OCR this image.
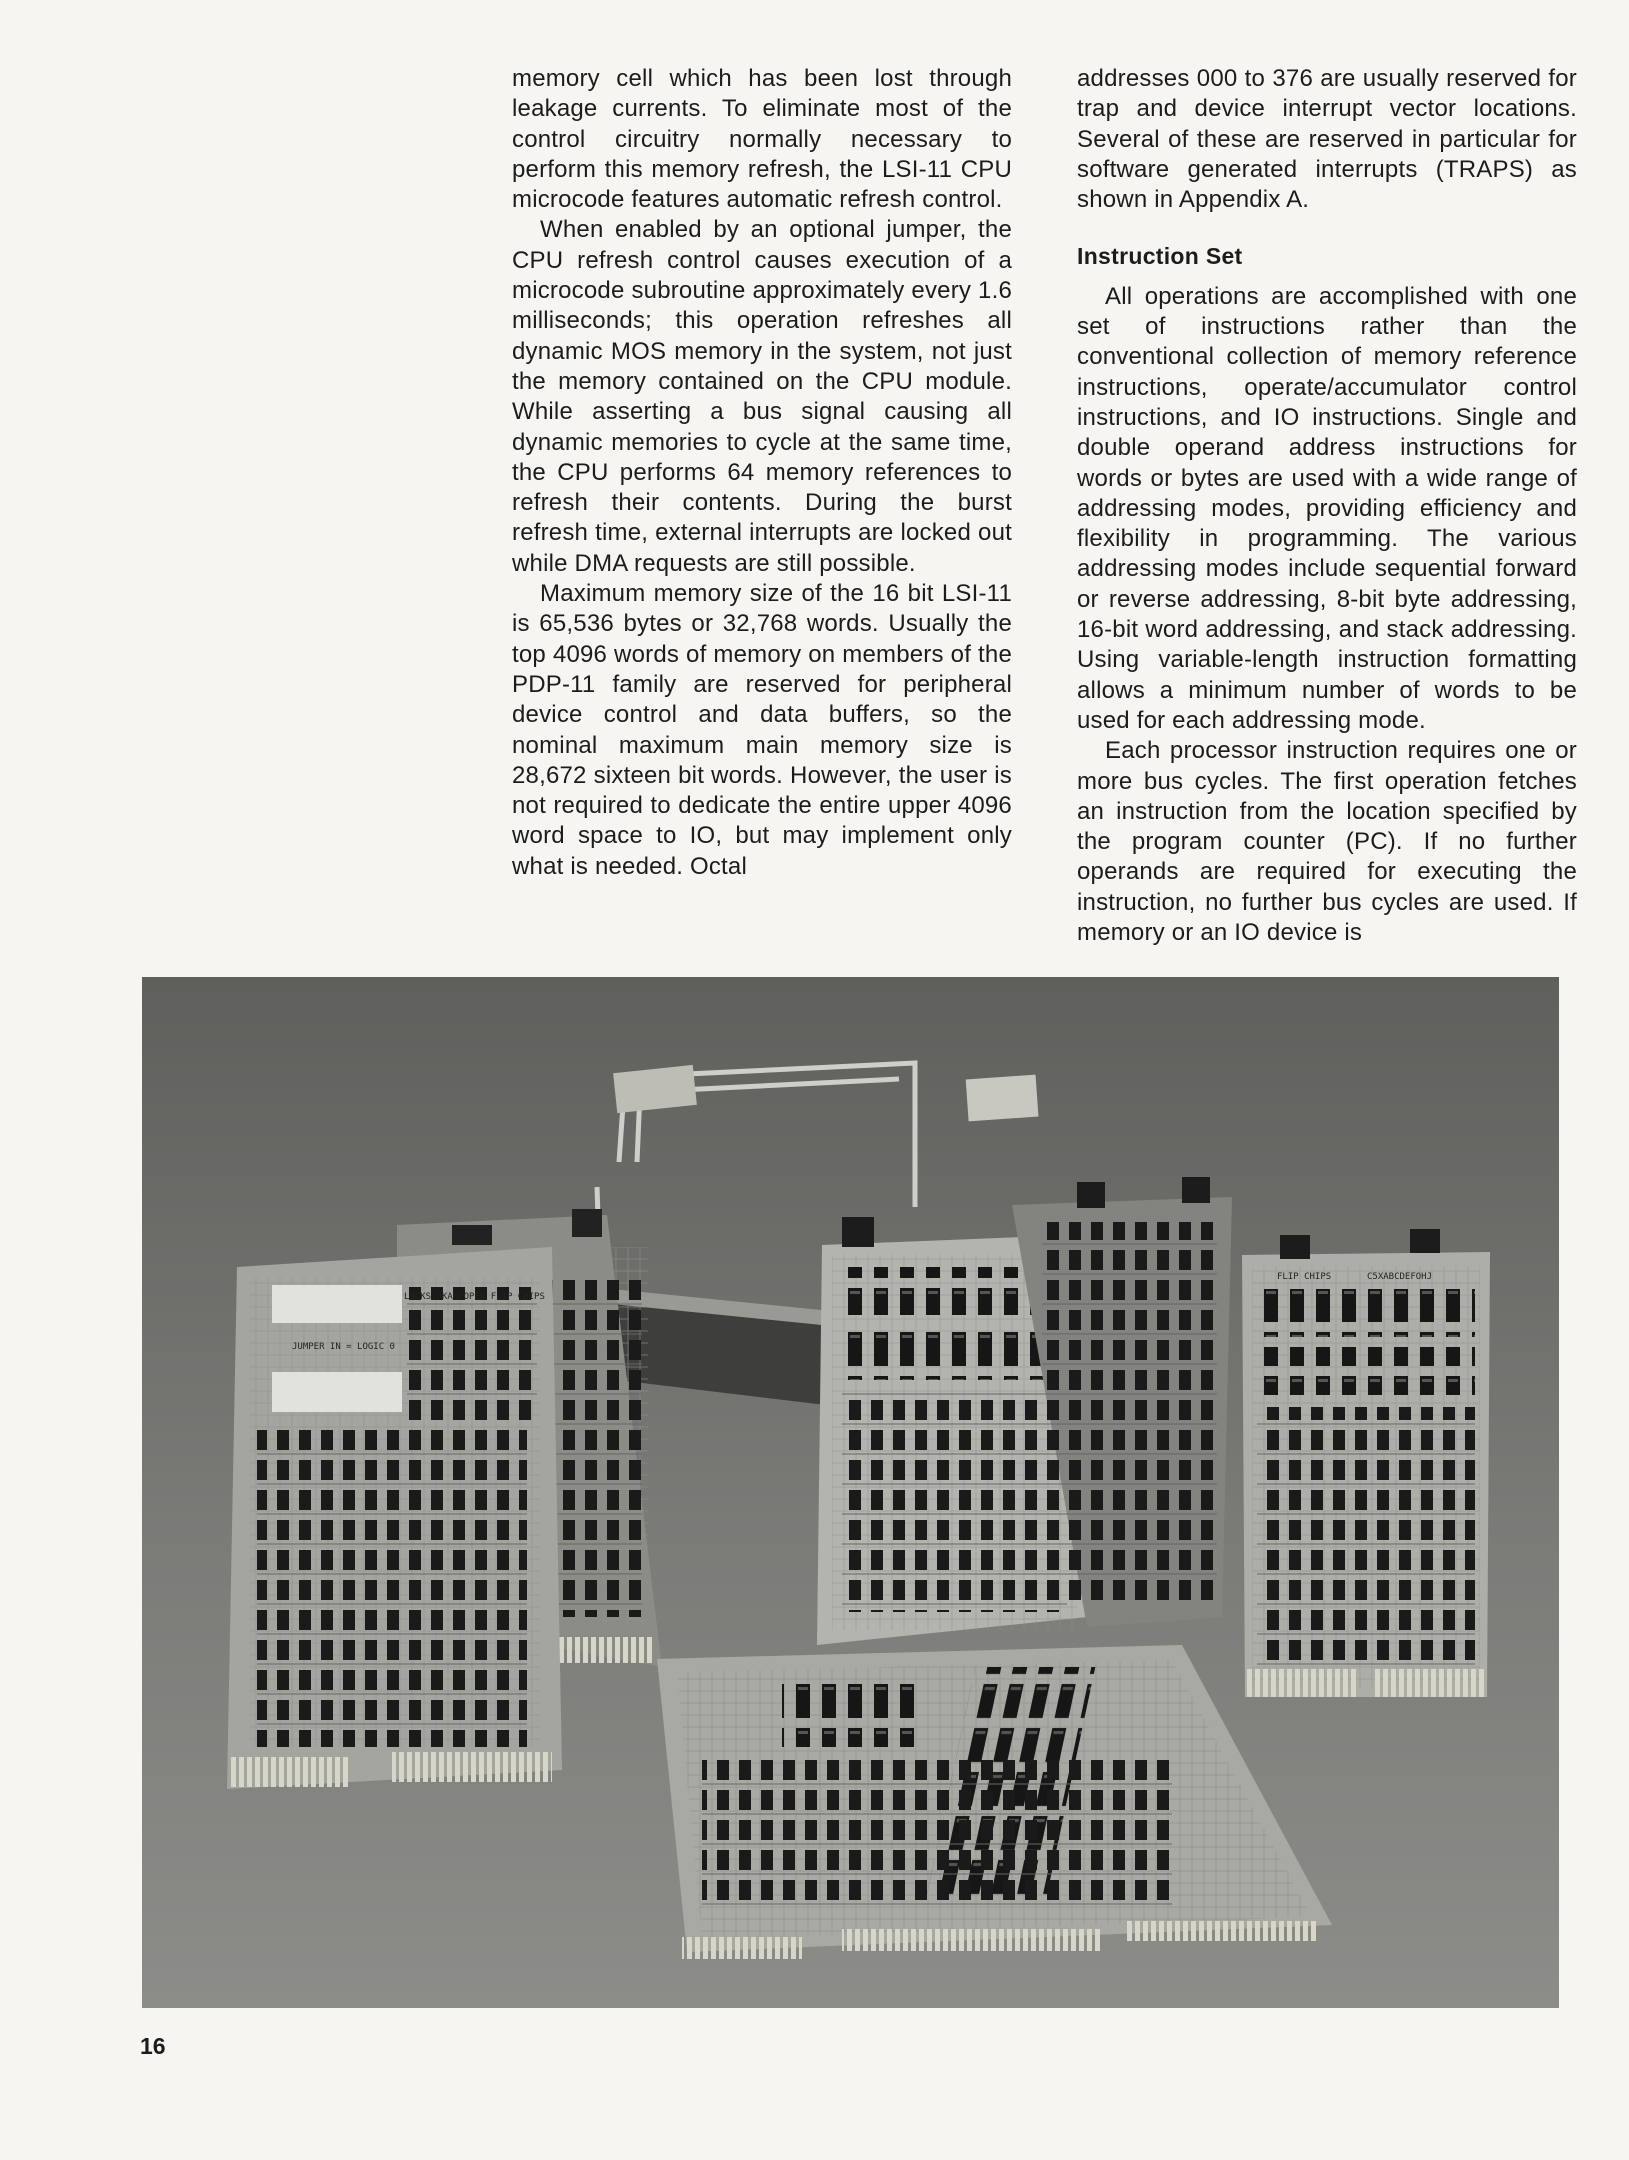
memory cell which has been lost through leakage currents. To eliminate most of the control circuitry normally necessary to perform this memory refresh, the LSI-11 CPU microcode features automatic refresh control.

When enabled by an optional jumper, the CPU refresh control causes execution of a microcode subroutine approximately every 1.6 milliseconds; this operation refreshes all dynamic MOS memory in the system, not just the memory contained on the CPU module. While asserting a bus signal causing all dynamic memories to cycle at the same time, the CPU performs 64 memory references to refresh their contents. During the burst refresh time, external interrupts are locked out while DMA requests are still possible.

Maximum memory size of the 16 bit LSI-11 is 65,536 bytes or 32,768 words. Usually the top 4096 words of memory on members of the PDP-11 family are reserved for peripheral device control and data buffers, so the nominal maximum main memory size is 28,672 sixteen bit words. However, the user is not required to dedicate the entire upper 4096 word space to IO, but may implement only what is needed. Octal

addresses 000 to 376 are usually reserved for trap and device interrupt vector locations. Several of these are reserved in particular for software generated interrupts (TRAPS) as shown in Appendix A.

Instruction Set

All operations are accomplished with one set of instructions rather than the conventional collection of memory reference instructions, operate/accumulator control instructions, and IO instructions. Single and double operand address instructions for words or bytes are used with a wide range of addressing modes, providing efficiency and flexibility in programming. The various addressing modes include sequential forward or reverse addressing, 8-bit byte addressing, 16-bit word addressing, and stack addressing. Using variable-length instruction formatting allows a minimum number of words to be used for each addressing mode.

Each processor instruction requires one or more bus cycles. The first operation fetches an instruction from the location specified by the program counter (PC). If no further operands are required for executing the instruction, no further bus cycles are used. If memory or an IO device is

LOCKS: KANCOPER FLIP CHIPS
JUMPER IN = LOGIC 0
FLIP CHIPS	C5XABCDEFOHJ
16
